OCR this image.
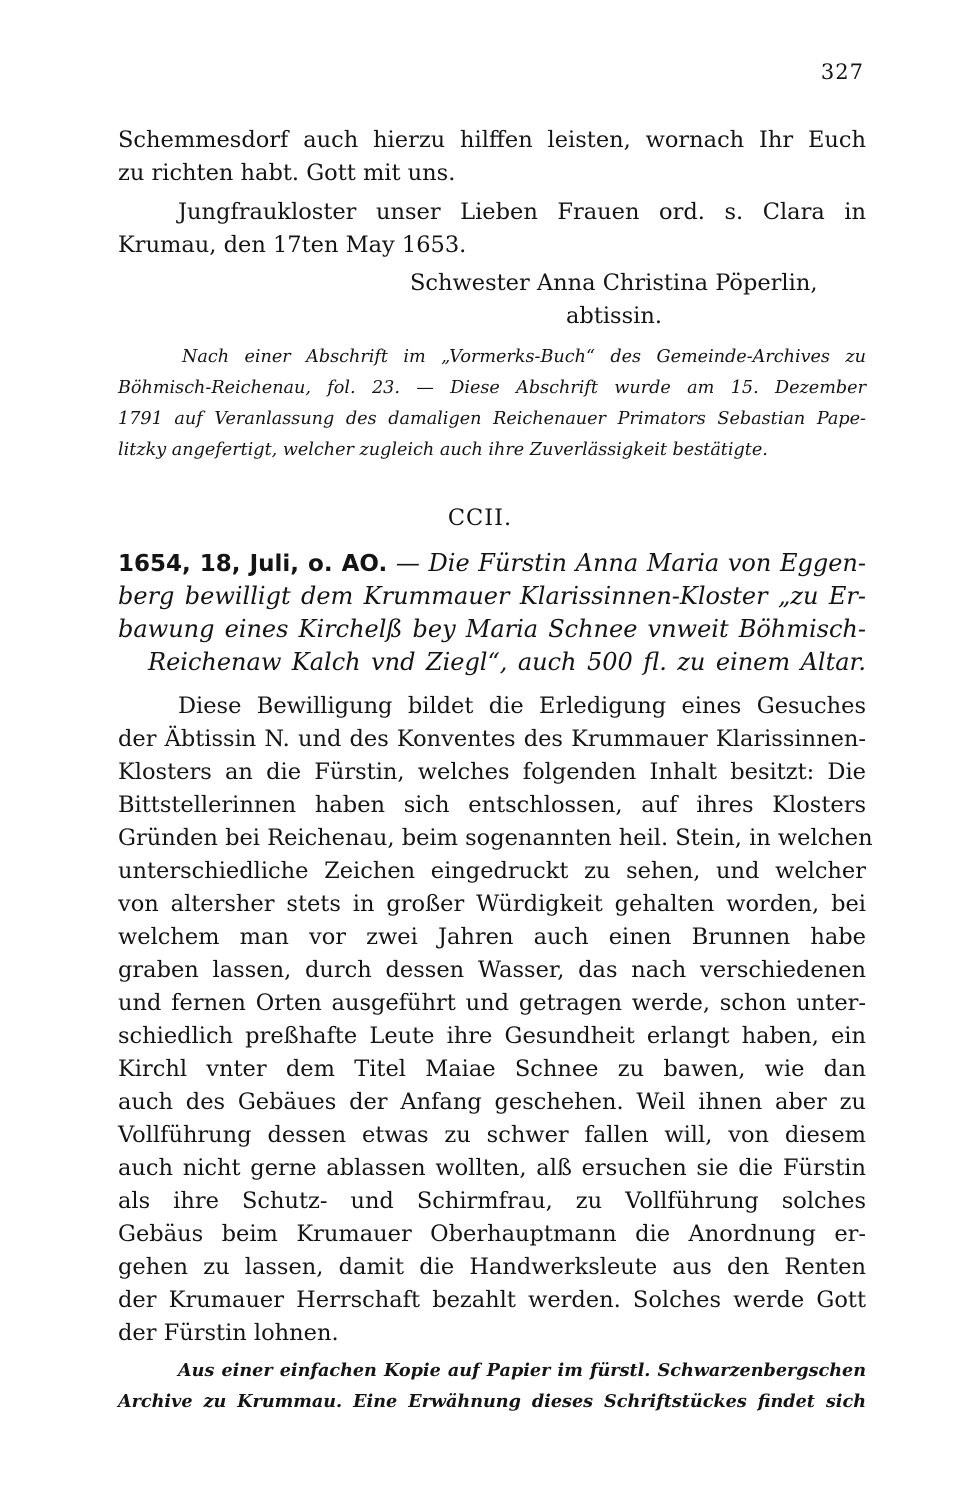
327
Schemmesdorf auch hierzu hilffen leisten, wornach Ihr Euch
zu richten habt. Gott mit uns.
Jungfraukloster unser Lieben Frauen ord. s. Clara in
Krumau, den 17ten May 1653.
Schwester Anna Christina Pöperlin,
abtissin.
Nach einer Abschrift im „Vormerks-Buch“ des Gemeinde-Archives zu
Böhmisch-Reichenau, fol. 23. — Diese Abschrift wurde am 15. Dezember
1791 auf Veranlassung des damaligen Reichenauer Primators Sebastian Pape-
litzky angefertigt, welcher zugleich auch ihre Zuverlässigkeit bestätigte.
CCII.
1654, 18, Juli, o. AO. — Die Fürstin Anna Maria von Eggen-
berg bewilligt dem Krummauer Klarissinnen-Kloster „zu Er-
bawung eines Kirchelß bey Maria Schnee vnweit Böhmisch-
Reichenaw Kalch vnd Ziegl“, auch 500 fl. zu einem Altar.
Diese Bewilligung bildet die Erledigung eines Gesuches
der Äbtissin N. und des Konventes des Krummauer Klarissinnen-
Klosters an die Fürstin, welches folgenden Inhalt besitzt: Die
Bittstellerinnen haben sich entschlossen, auf ihres Klosters
Gründen bei Reichenau, beim sogenannten heil. Stein, in welchen
unterschiedliche Zeichen eingedruckt zu sehen, und welcher
von altersher stets in großer Würdigkeit gehalten worden, bei
welchem man vor zwei Jahren auch einen Brunnen habe
graben lassen, durch dessen Wasser, das nach verschiedenen
und fernen Orten ausgeführt und getragen werde, schon unter-
schiedlich preßhafte Leute ihre Gesundheit erlangt haben, ein
Kirchl vnter dem Titel Maiae Schnee zu bawen, wie dan
auch des Gebäues der Anfang geschehen. Weil ihnen aber zu
Vollführung dessen etwas zu schwer fallen will, von diesem
auch nicht gerne ablassen wollten, alß ersuchen sie die Fürstin
als ihre Schutz- und Schirmfrau, zu Vollführung solches
Gebäus beim Krumauer Oberhauptmann die Anordnung er-
gehen zu lassen, damit die Handwerksleute aus den Renten
der Krumauer Herrschaft bezahlt werden. Solches werde Gott
der Fürstin lohnen.
Aus einer einfachen Kopie auf Papier im fürstl. Schwarzenbergschen
Archive zu Krummau. Eine Erwähnung dieses Schriftstückes findet sich
